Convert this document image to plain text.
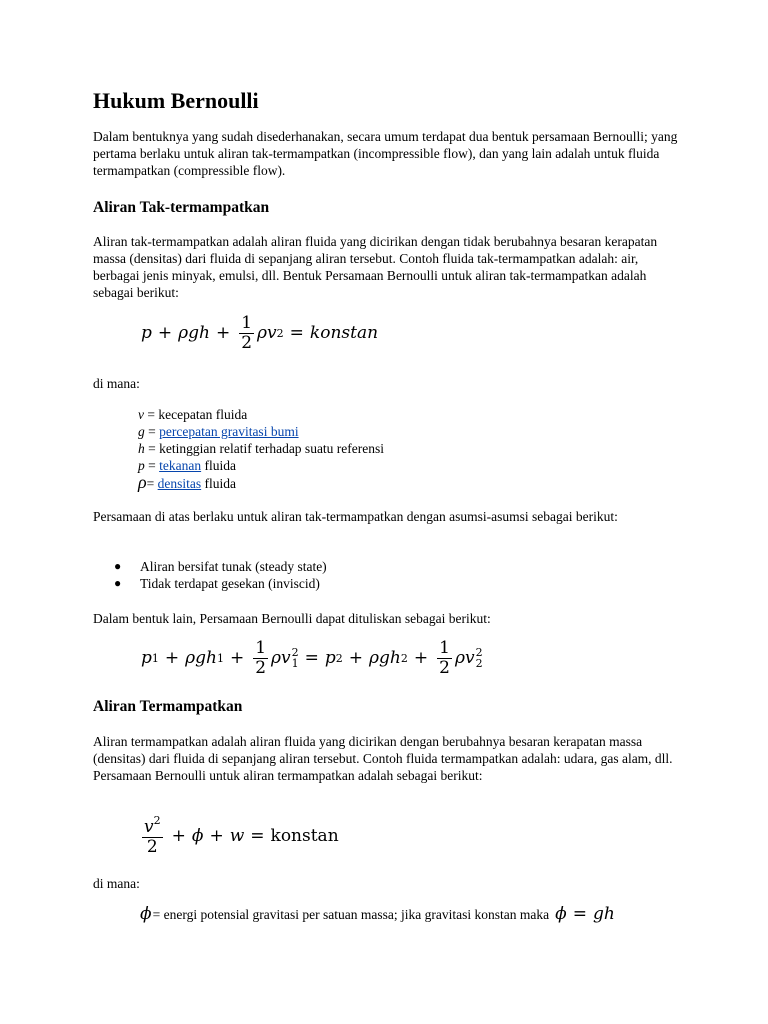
Hukum Bernoulli

Dalam bentuknya yang sudah disederhanakan, secara umum terdapat dua bentuk persamaan Bernoulli; yang pertama berlaku untuk aliran tak-termampatkan (incompressible flow), dan yang lain adalah untuk fluida termampatkan (compressible flow).

Aliran Tak-termampatkan

Aliran tak-termampatkan adalah aliran fluida yang dicirikan dengan tidak berubahnya besaran kerapatan massa (densitas) dari fluida di sepanjang aliran tersebut. Contoh fluida tak-termampatkan adalah: air, berbagai jenis minyak, emulsi, dll. Bentuk Persamaan Bernoulli untuk aliran tak-termampatkan adalah sebagai berikut:

$p + \rho gh + \frac{1}{2}$ ρv 2 = konstan

di mana:

v = kecepatan fluida
g = percepatan gravitasi bumi
h = ketinggian relatif terhadap suatu referensi
p = tekanan fluida
ρ= densitas fluida

Persamaan di atas berlaku untuk aliran tak-termampatkan dengan asumsi-asumsi sebagai berikut:

● Aliran bersifat tunak (steady state)
● Tidak terdapat gesekan (inviscid)

Dalam bentuk lain, Persamaan Bernoulli dapat dituliskan sebagai berikut:

p 1 + ρgh $1 + \frac{1}{2}$ ρv 2
1 = p 2 + ρgh $2 + \frac{1}{2}$ ρv 2
2
Aliran Termampatkan

Aliran termampatkan adalah aliran fluida yang dicirikan dengan berubahnya besaran kerapatan massa (densitas) dari fluida di sepanjang aliran tersebut. Contoh fluida termampatkan adalah: udara, gas alam, dll. Persamaan Bernoulli untuk aliran termampatkan adalah sebagai berikut:

$\frac{v^2}{2} + \phi + w$ = konstan

di mana:

ϕ = energi potensial gravitasi per satuan massa; jika gravitasi konstan maka ϕ = gh
